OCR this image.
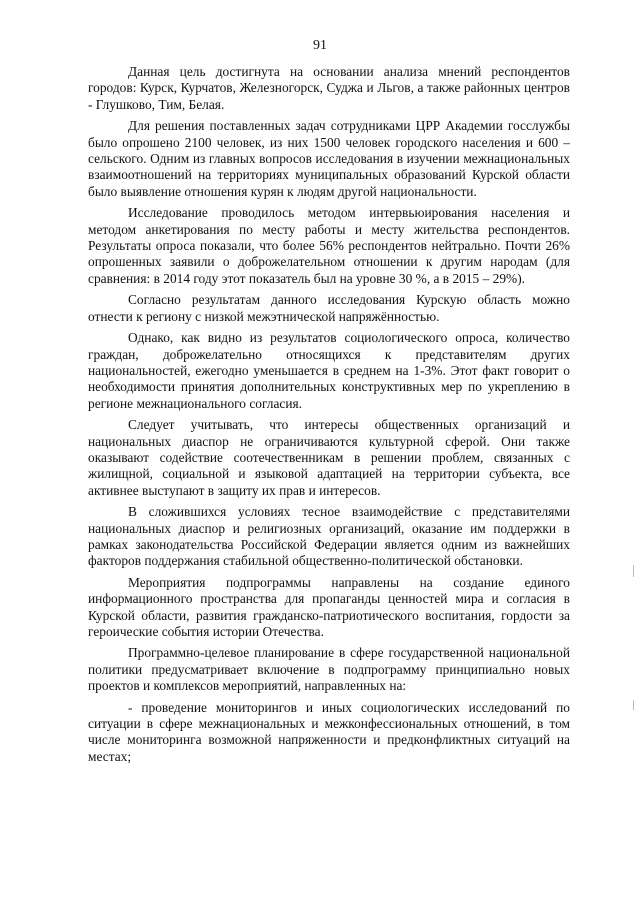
91

Данная цель достигнута на основании анализа мнений респондентов городов: Курск, Курчатов, Железногорск, Суджа и Льгов, а также районных центров - Глушково, Тим, Белая.

Для решения поставленных задач сотрудниками ЦРР Академии госслужбы было опрошено 2100 человек, из них 1500 человек городского населения и 600 – сельского. Одним из главных вопросов исследования в изучении межнациональных взаимоотношений на территориях муниципальных образований Курской области было выявление отношения курян к людям другой национальности.

Исследование проводилось методом интервьюирования населения и методом анкетирования по месту работы и месту жительства респондентов. Результаты опроса показали, что более 56% респондентов нейтрально. Почти 26% опрошенных заявили о доброжелательном отношении к другим народам (для сравнения: в 2014 году этот показатель был на уровне 30 %, а в 2015 – 29%).

Согласно результатам данного исследования Курскую область можно отнести к региону с низкой межэтнической напряжённостью.

Однако, как видно из результатов социологического опроса, количество граждан, доброжелательно относящихся к представителям других национальностей, ежегодно уменьшается в среднем на 1-3%. Этот факт говорит о необходимости принятия дополнительных конструктивных мер по укреплению в регионе межнационального согласия.

Следует учитывать, что интересы общественных организаций и национальных диаспор не ограничиваются культурной сферой. Они также оказывают содействие соотечественникам в решении проблем, связанных с жилищной, социальной и языковой адаптацией на территории субъекта, все активнее выступают в защиту их прав и интересов.

В сложившихся условиях тесное взаимодействие с представителями национальных диаспор и религиозных организаций, оказание им поддержки в рамках законодательства Российской Федерации является одним из важнейших факторов поддержания стабильной общественно-политической обстановки.

Мероприятия подпрограммы направлены на создание единого информационного пространства для пропаганды ценностей мира и согласия в Курской области, развития гражданско-патриотического воспитания, гордости за героические события истории Отечества.

Программно-целевое планирование в сфере государственной национальной политики предусматривает включение в подпрограмму принципиально новых проектов и комплексов мероприятий, направленных на:

- проведение мониторингов и иных социологических исследований по ситуации в сфере межнациональных и межконфессиональных отношений, в том числе мониторинга возможной напряженности и предконфликтных ситуаций на местах;
